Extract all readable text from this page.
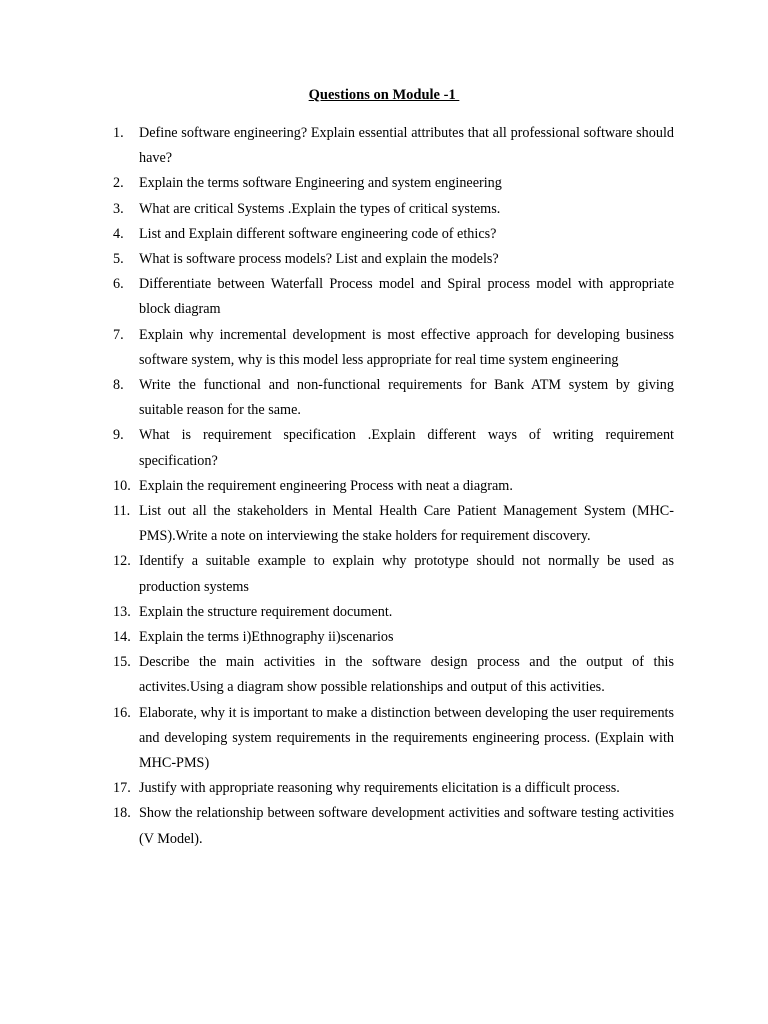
Questions on Module -1
1. Define software engineering? Explain essential attributes that all professional software should have?
2. Explain the terms software Engineering and system engineering
3. What are critical Systems .Explain the types of critical systems.
4. List and Explain different software engineering code of ethics?
5. What is software process models? List and explain the models?
6. Differentiate between Waterfall Process model and Spiral process model with appropriate block diagram
7. Explain why incremental development is most effective approach for developing business software system, why is this model less appropriate for real time system engineering
8. Write the functional and non-functional requirements for Bank ATM system by giving suitable reason for the same.
9. What is requirement specification .Explain different ways of writing requirement specification?
10. Explain the requirement engineering Process with neat a diagram.
11. List out all the stakeholders in Mental Health Care Patient Management System (MHC-PMS).Write a note on interviewing the stake holders for requirement discovery.
12. Identify a suitable example to explain why prototype should not normally be used as production systems
13. Explain the structure requirement document.
14. Explain the terms i)Ethnography ii)scenarios
15. Describe the main activities in the software design process and the output of this activites.Using a diagram show possible relationships and output of this activities.
16. Elaborate, why it is important to make a distinction between developing the user requirements and developing system requirements in the requirements engineering process. (Explain with MHC-PMS)
17. Justify with appropriate reasoning why requirements elicitation is a difficult process.
18. Show the relationship between software development activities and software testing activities (V Model).
